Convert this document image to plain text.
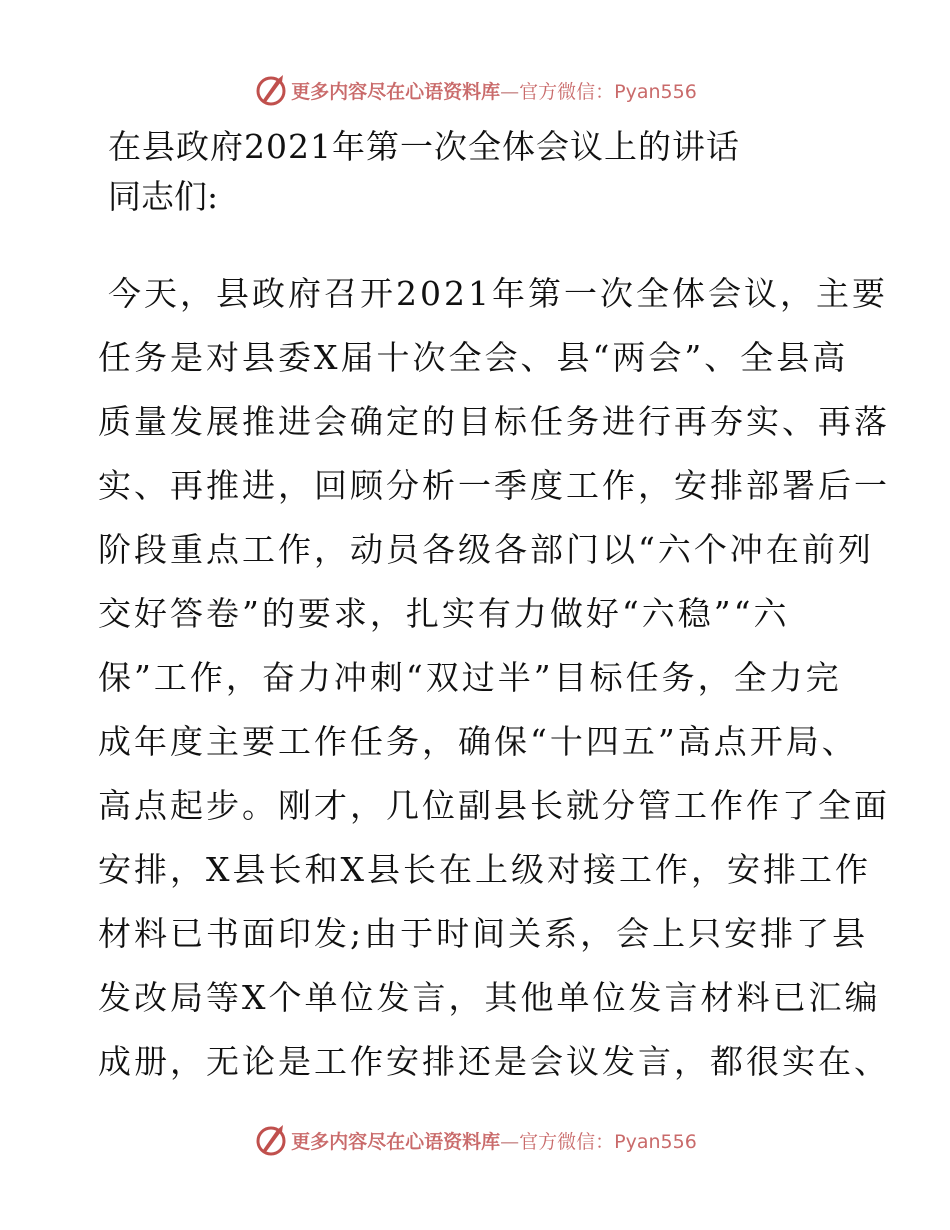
更多内容尽在心语资料库—官方微信：Pyan556
在县政府2021年第一次全体会议上的讲话
同志们:
今天，县政府召开2021年第一次全体会议，主要
任务是对县委X届十次全会、县“两会”、全县高
质量发展推进会确定的目标任务进行再夯实、再落
实、再推进，回顾分析一季度工作，安排部署后一
阶段重点工作，动员各级各部门以“六个冲在前列
交好答卷”的要求，扎实有力做好“六稳”“六
保”工作，奋力冲刺“双过半”目标任务，全力完
成年度主要工作任务，确保“十四五”高点开局、
高点起步。刚才，几位副县长就分管工作作了全面
安排，X县长和X县长在上级对接工作，安排工作
材料已书面印发;由于时间关系，会上只安排了县
发改局等X个单位发言，其他单位发言材料已汇编
成册，无论是工作安排还是会议发言，都很实在、
更多内容尽在心语资料库—官方微信：Pyan556
